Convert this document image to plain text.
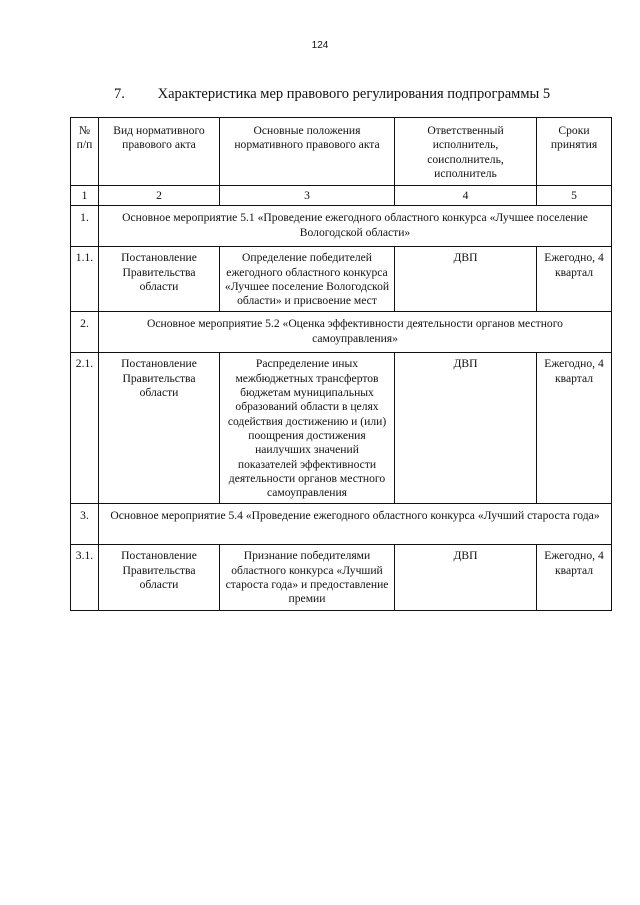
124
7. Характеристика мер правового регулирования подпрограммы 5
№ п/п	Вид нормативного правового акта	Основные положения нормативного правового акта	Ответственный исполнитель, соисполнитель, исполнитель	Сроки принятия
1	2	3	4	5
1.	Основное мероприятие 5.1 «Проведение ежегодного областного конкурса «Лучшее поселение Вологодской области»			
1.1.	Постановление Правительства области	Определение победителей ежегодного областного конкурса «Лучшее поселение Вологодской области» и присвоение мест	ДВП	Ежегодно, 4 квартал
2.	Основное мероприятие 5.2 «Оценка эффективности деятельности органов местного самоуправления»			
2.1.	Постановление Правительства области	Распределение иных межбюджетных трансфертов бюджетам муниципальных образований области в целях содействия достижению и (или) поощрения достижения наилучших значений показателей эффективности деятельности органов местного самоуправления	ДВП	Ежегодно, 4 квартал
3.	Основное мероприятие 5.4 «Проведение ежегодного областного конкурса «Лучший староста года»			
3.1.	Постановление Правительства области	Признание победителями областного конкурса «Лучший староста года» и предоставление премии	ДВП	Ежегодно, 4 квартал
